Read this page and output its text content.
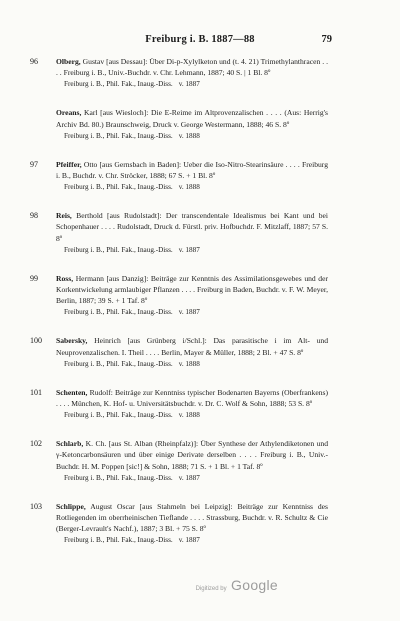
Freiburg i. B. 1887—88	79
96 Olberg, Gustav [aus Dessau]: Über Di-p-Xylylketon und (t. 4. 21) Trimethylanthracen . . . . Freiburg i. B., Univ.-Buchdr. v. Chr. Lehmann, 1887; 40 S. | 1 Bl. 8º
Freiburg i. B., Phil. Fak., Inaug.-Diss. v. 1887
Oreans, Karl [aus Wiesloch]: Die E-Reime im Altprovenzalischen . . . . (Aus: Herrig's Archiv Bd. 80.) Braunschweig, Druck v. George Westermann, 1888; 46 S. 8º
Freiburg i. B., Phil. Fak., Inaug.-Diss. v. 1888
97 Pfeiffer, Otto [aus Gernsbach in Baden]: Ueber die Iso-Nitro-Stearinsäure . . . . Freiburg i. B., Buchdr. v. Chr. Ströcker, 1888; 67 S. + 1 Bl. 8º
Freiburg i. B., Phil. Fak., Inaug.-Diss. v. 1888
98 Reis, Berthold [aus Rudolstadt]: Der transcendentale Idealismus bei Kant und bei Schopenhauer . . . . Rudolstadt, Druck d. Fürstl. priv. Hofbuchdr. F. Mitzlaff, 1887; 57 S. 8º
Freiburg i. B., Phil. Fak., Inaug.-Diss. v. 1887
99 Ross, Hermann [aus Danzig]: Beiträge zur Kenntnis des Assimilationsgewebes und der Korkentwickelung armlaubiger Pflanzen . . . . Freiburg in Baden, Buchdr. v. F. W. Meyer, Berlin, 1887; 39 S. + 1 Taf. 8º
Freiburg i. B., Phil. Fak., Inaug.-Diss. v. 1887
100 Sabersky, Heinrich [aus Grünberg i/Schl.]: Das parasitische i im Alt- und Neuprovenzalischen. I. Theil . . . . Berlin, Mayer & Müller, 1888; 2 Bl. + 47 S. 8º
Freiburg i. B., Phil. Fak., Inaug.-Diss. v. 1888
101 Schenten, Rudolf: Beiträge zur Kenntniss typischer Bodenarten Bayerns (Oberfrankens) . . . . München, K. Hof- u. Universitätsbuchdr. v. Dr. C. Wolf & Sohn, 1888; 53 S. 8º
Freiburg i. B., Phil. Fak., Inaug.-Diss. v. 1888
102 Schlarb, K. Ch. [aus St. Alban (Rheinpfalz)]: Über Synthese der Athylendiketonen und γ-Ketoncarbonsäuren und über einige Derivate derselben . . . . Freiburg i. B., Univ.-Buchdr. H. M. Poppen [sic!] & Sohn, 1888; 71 S. + 1 Bl. + 1 Taf. 8º
Freiburg i. B., Phil. Fak., Inaug.-Diss. v. 1887
103 Schlippe, August Oscar [aus Stahmeln bei Leipzig]: Beiträge zur Kenntniss des Rotliegenden im oberrheinischen Tieflande . . . . Strassburg, Buchdr. v. R. Schultz & Cie (Berger-Levrault's Nachf.), 1887; 3 Bl. + 75 S. 8º
Freiburg i. B., Phil. Fak., Inaug.-Diss. v. 1887
Digitized by Google
